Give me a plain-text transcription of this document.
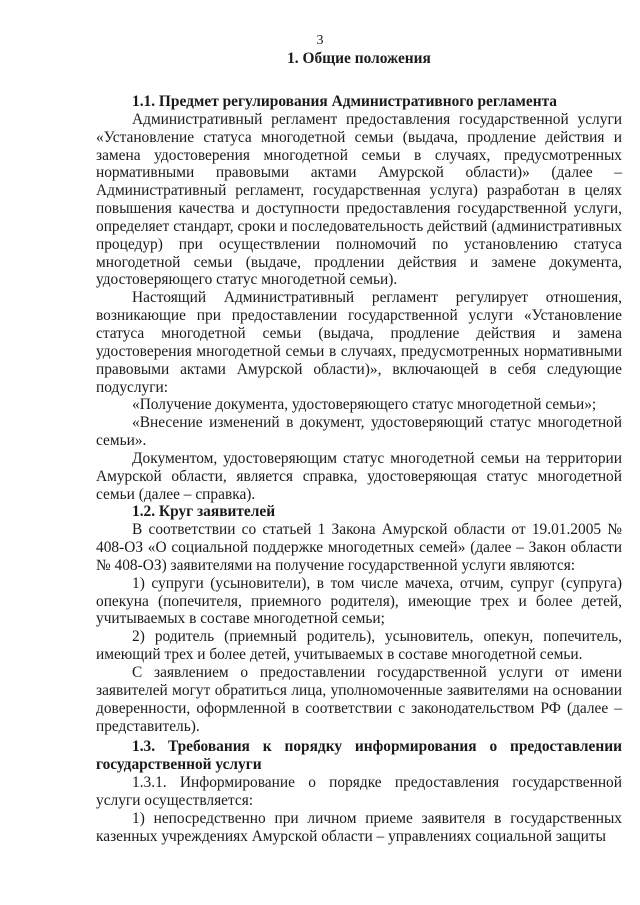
3
1. Общие положения
1.1. Предмет регулирования Административного регламента

Административный регламент предоставления государственной услуги «Установление статуса многодетной семьи (выдача, продление действия и замена удостоверения многодетной семьи в случаях, предусмотренных нормативными правовыми актами Амурской области)» (далее – Административный регламент, государственная услуга) разработан в целях повышения качества и доступности предоставления государственной услуги, определяет стандарт, сроки и последовательность действий (административных процедур) при осуществлении полномочий по установлению статуса многодетной семьи (выдаче, продлении действия и замене документа, удостоверяющего статус многодетной семьи).

Настоящий Административный регламент регулирует отношения, возникающие при предоставлении государственной услуги «Установление статуса многодетной семьи (выдача, продление действия и замена удостоверения многодетной семьи в случаях, предусмотренных нормативными правовыми актами Амурской области)», включающей в себя следующие подуслуги:

«Получение документа, удостоверяющего статус многодетной семьи»;

«Внесение изменений в документ, удостоверяющий статус многодетной семьи».

Документом, удостоверяющим статус многодетной семьи на территории Амурской области, является справка, удостоверяющая статус многодетной семьи (далее – справка).

1.2. Круг заявителей

В соответствии со статьей 1 Закона Амурской области от 19.01.2005 № 408-ОЗ «О социальной поддержке многодетных семей» (далее – Закон области № 408-ОЗ) заявителями на получение государственной услуги являются:

1) супруги (усыновители), в том числе мачеха, отчим, супруг (супруга) опекуна (попечителя, приемного родителя), имеющие трех и более детей, учитываемых в составе многодетной семьи;

2) родитель (приемный родитель), усыновитель, опекун, попечитель, имеющий трех и более детей, учитываемых в составе многодетной семьи.

С заявлением о предоставлении государственной услуги от имени заявителей могут обратиться лица, уполномоченные заявителями на основании доверенности, оформленной в соответствии с законодательством РФ (далее – представитель).

1.3. Требования к порядку информирования о предоставлении государственной услуги

1.3.1. Информирование о порядке предоставления государственной услуги осуществляется:

1) непосредственно при личном приеме заявителя в государственных казенных учреждениях Амурской области – управлениях социальной защиты
